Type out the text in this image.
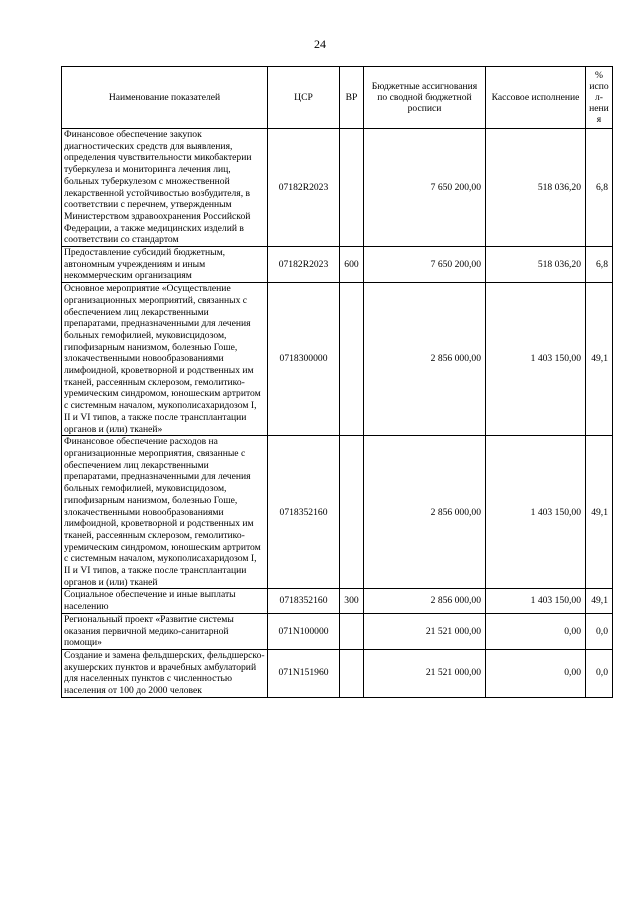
24
Наименование показателей	ЦСР	ВР	Бюджетные ассигнования по сводной бюджетной росписи	Кассовое исполнение	% испол-нения
Финансовое обеспечение закупок диагностических средств для выявления, определения чувствительности микобактерии туберкулеза и мониторинга лечения лиц, больных туберкулезом с множественной лекарственной устойчивостью возбудителя, в соответствии с перечнем, утвержденным Министерством здравоохранения Российской Федерации, а также медицинских изделий в соответствии со стандартом	07182R2023		7 650 200,00	518 036,20	6,8
Предоставление субсидий бюджетным, автономным учреждениям и иным некоммерческим организациям	07182R2023	600	7 650 200,00	518 036,20	6,8
Основное мероприятие «Осуществление организационных мероприятий, связанных с обеспечением лиц лекарственными препаратами, предназначенными для лечения больных гемофилией, муковисцидозом, гипофизарным нанизмом, болезнью Гоше, злокачественными новообразованиями лимфоидной, кроветворной и родственных им тканей, рассеянным склерозом, гемолитико-уремическим синдромом, юношеским артритом с системным началом, мукополисахаридозом I, II и VI типов, а также после трансплантации органов и (или) тканей»	0718300000		2 856 000,00	1 403 150,00	49,1
Финансовое обеспечение расходов на организационные мероприятия, связанные с обеспечением лиц лекарственными препаратами, предназначенными для лечения больных гемофилией, муковисцидозом, гипофизарным нанизмом, болезнью Гоше, злокачественными новообразованиями лимфоидной, кроветворной и родственных им тканей, рассеянным склерозом, гемолитико-уремическим синдромом, юношеским артритом с системным началом, мукополисахаридозом I, II и VI типов, а также после трансплантации органов и (или) тканей	0718352160		2 856 000,00	1 403 150,00	49,1
Социальное обеспечение и иные выплаты населению	0718352160	300	2 856 000,00	1 403 150,00	49,1
Региональный проект «Развитие системы оказания первичной медико-санитарной помощи»	071N100000		21 521 000,00	0,00	0,0
Создание и замена фельдшерских, фельдшерско-акушерских пунктов и врачебных амбулаторий для населенных пунктов с численностью населения от 100 до 2000 человек	071N151960		21 521 000,00	0,00	0,0
